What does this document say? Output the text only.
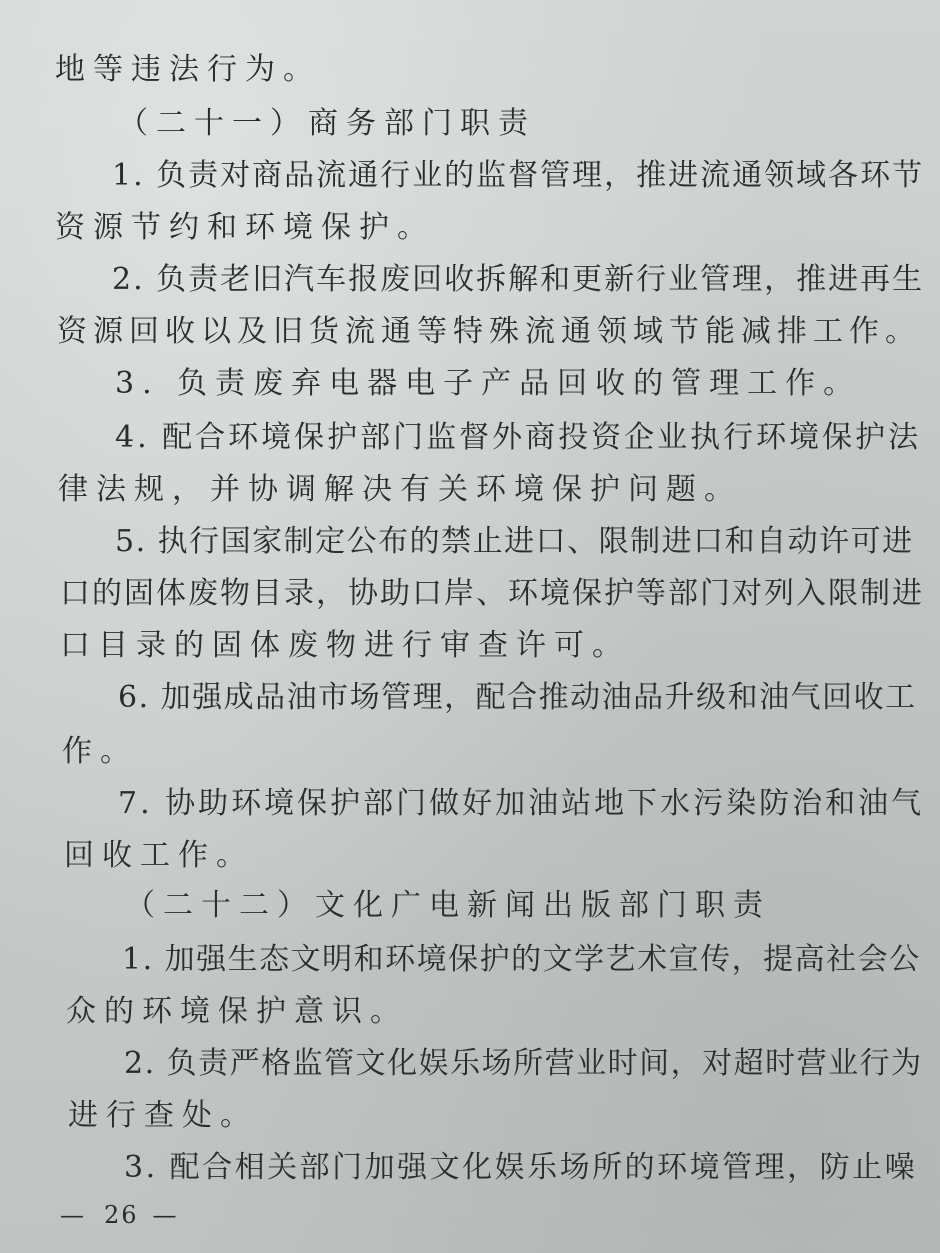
地等违法行为。
（二十一）商务部门职责
1. 负责对商品流通行业的监督管理，推进流通领域各环节
资源节约和环境保护。
2. 负责老旧汽车报废回收拆解和更新行业管理，推进再生
资源回收以及旧货流通等特殊流通领域节能减排工作。
3. 负责废弃电器电子产品回收的管理工作。
4. 配合环境保护部门监督外商投资企业执行环境保护法
律法规，并协调解决有关环境保护问题。
5. 执行国家制定公布的禁止进口、限制进口和自动许可进
口的固体废物目录，协助口岸、环境保护等部门对列入限制进
口目录的固体废物进行审查许可。
6. 加强成品油市场管理，配合推动油品升级和油气回收工
作。
7. 协助环境保护部门做好加油站地下水污染防治和油气
回收工作。
（二十二）文化广电新闻出版部门职责
1. 加强生态文明和环境保护的文学艺术宣传，提高社会公
众的环境保护意识。
2. 负责严格监管文化娱乐场所营业时间，对超时营业行为
进行查处。
3. 配合相关部门加强文化娱乐场所的环境管理，防止噪
— 26 —
